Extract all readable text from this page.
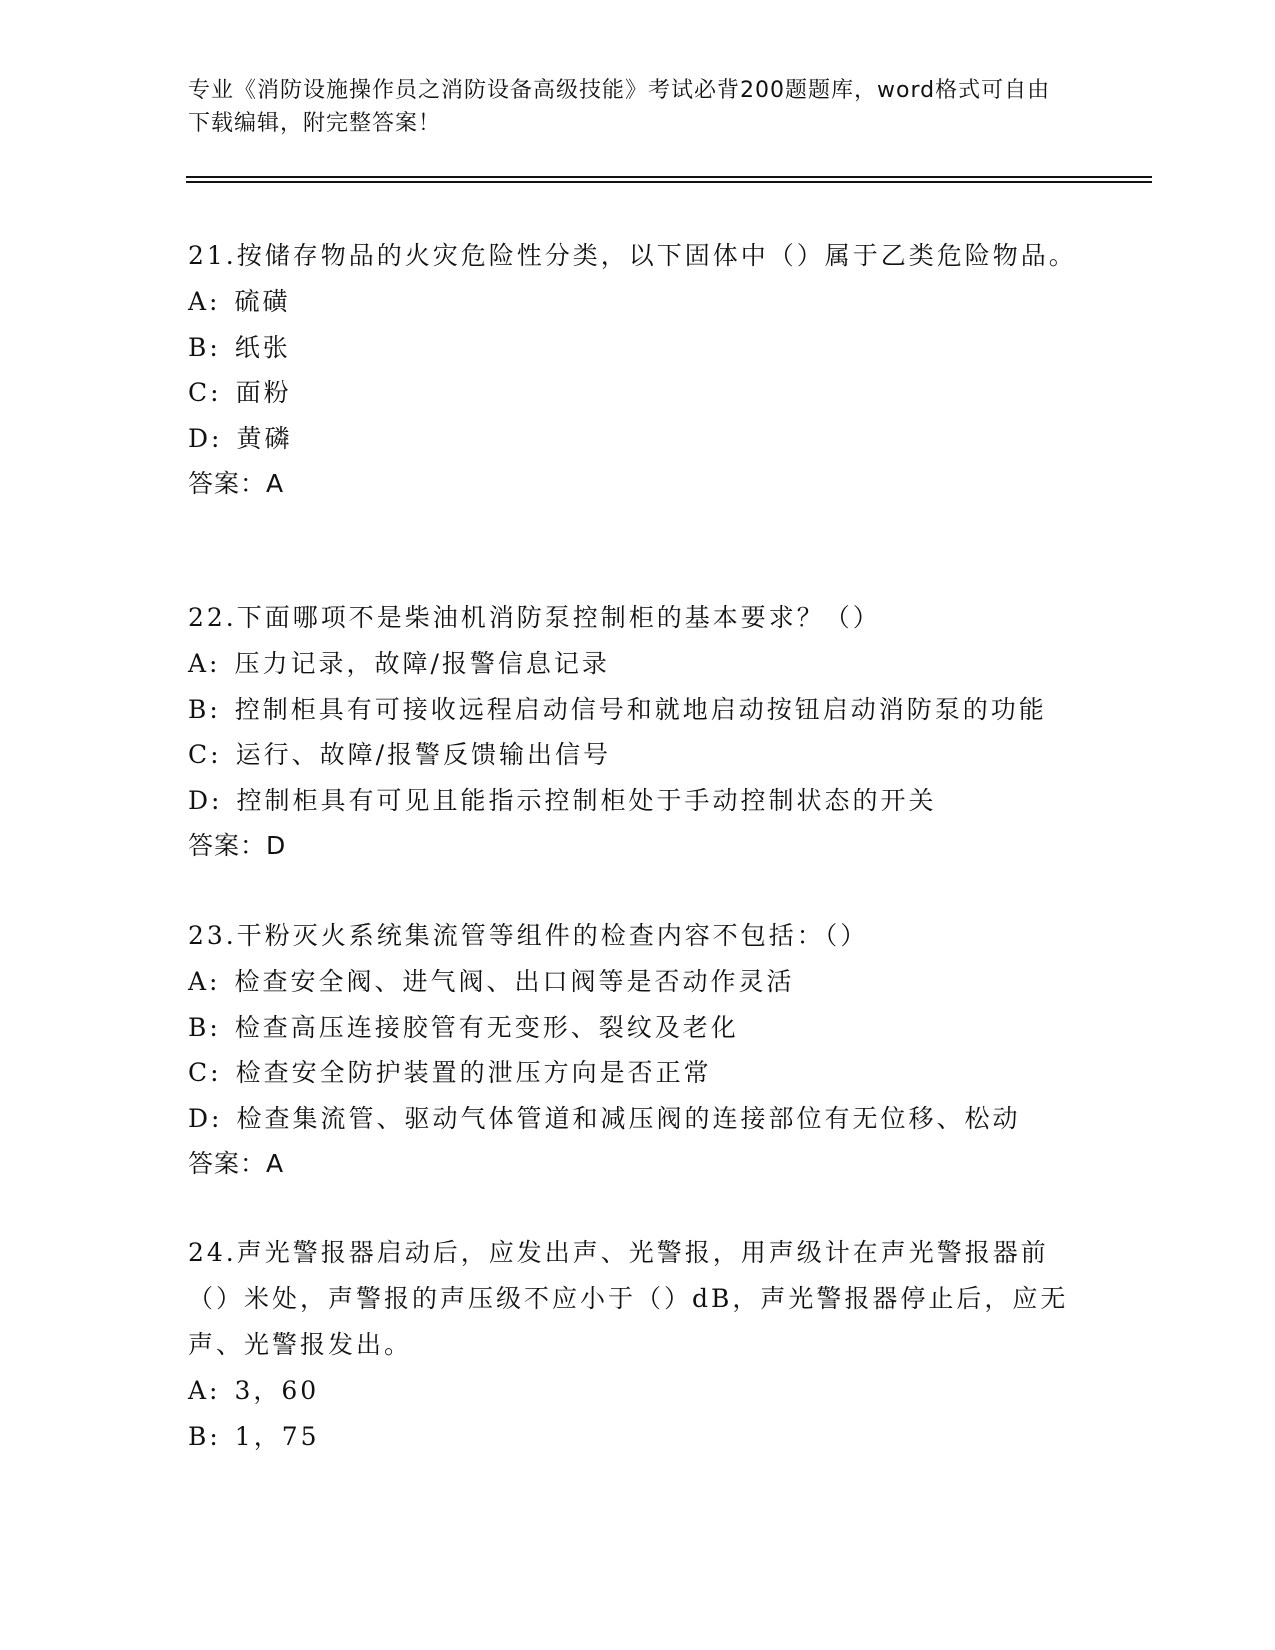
专业《消防设施操作员之消防设备高级技能》考试必背200题题库，word格式可自由下载编辑，附完整答案！

21.按储存物品的火灾危险性分类，以下固体中（）属于乙类危险物品。

A: 硫磺
B: 纸张
C: 面粉
D: 黄磷
答案：A

22.下面哪项不是柴油机消防泵控制柜的基本要求？（）

A: 压力记录，故障/报警信息记录
B: 控制柜具有可接收远程启动信号和就地启动按钮启动消防泵的功能
C: 运行、故障/报警反馈输出信号
D: 控制柜具有可见且能指示控制柜处于手动控制状态的开关
答案：D

23.干粉灭火系统集流管等组件的检查内容不包括：（）

A: 检查安全阀、进气阀、出口阀等是否动作灵活
B: 检查高压连接胶管有无变形、裂纹及老化
C: 检查安全防护装置的泄压方向是否正常
D: 检查集流管、驱动气体管道和减压阀的连接部位有无位移、松动
答案：A

24.声光警报器启动后，应发出声、光警报，用声级计在声光警报器前（）米处，声警报的声压级不应小于（）dB，声光警报器停止后，应无声、光警报发出。

A: 3，60
B: 1，75
